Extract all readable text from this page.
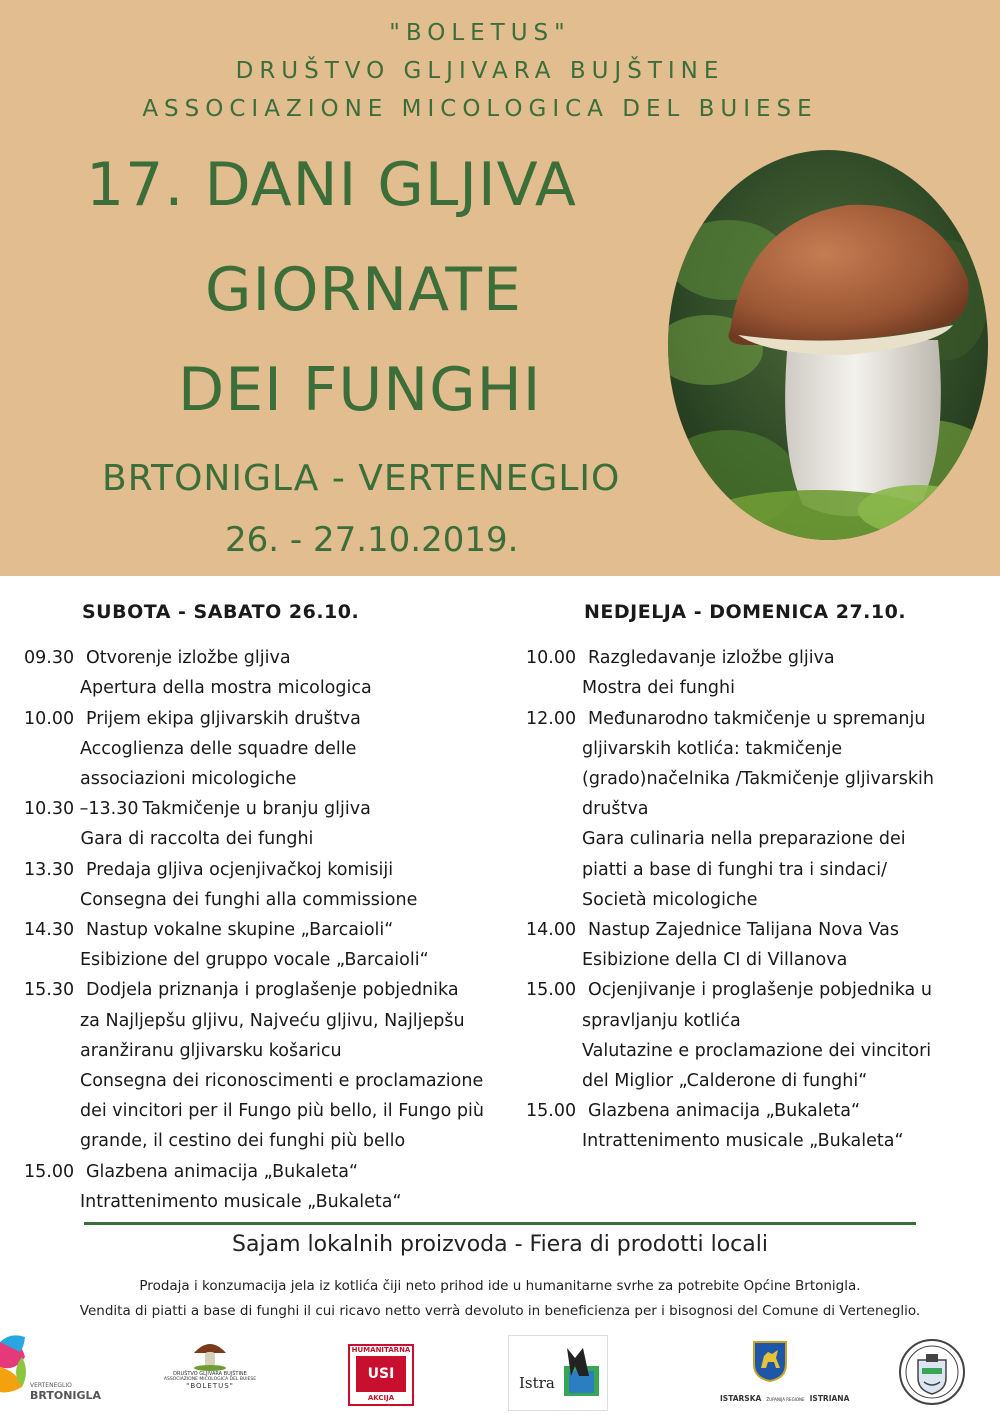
"BOLETUS"
DRUŠTVO GLJIVARA BUJŠTINE
ASSOCIAZIONE MICOLOGICA DEL BUIESE
17. DANI GLJIVA
GIORNATE
DEI FUNGHI
BRTONIGLA - VERTENEGLIO
26. - 27.10.2019.
SUBOTA - SABATO 26.10.
09.30 Otvorenje izložbe gljiva
Apertura della mostra micologica
10.00 Prijem ekipa gljivarskih društva
Accoglienza delle squadre delle
associazioni micologiche
10.30 –13.30 Takmičenje u branju gljiva
Gara di raccolta dei funghi
13.30 Predaja gljiva ocjenjivačkoj komisiji
Consegna dei funghi alla commissione
14.30 Nastup vokalne skupine „Barcaioli“
Esibizione del gruppo vocale „Barcaioli“
15.30 Dodjela priznanja i proglašenje pobjednika
za Najljepšu gljivu, Najveću gljivu, Najljepšu
aranžiranu gljivarsku košaricu
Consegna dei riconoscimenti e proclamazione
dei vincitori per il Fungo più bello, il Fungo più
grande, il cestino dei funghi più bello
15.00 Glazbena animacija „Bukaleta“
Intrattenimento musicale „Bukaleta“
NEDJELJA - DOMENICA 27.10.
10.00 Razgledavanje izložbe gljiva
Mostra dei funghi
12.00 Međunarodno takmičenje u spremanju
gljivarskih kotlića: takmičenje
(grado)načelnika /Takmičenje gljivarskih
društva
Gara culinaria nella preparazione dei
piatti a base di funghi tra i sindaci/
Società micologiche
14.00 Nastup Zajednice Talijana Nova Vas
Esibizione della CI di Villanova
15.00 Ocjenjivanje i proglašenje pobjednika u
spravljanju kotlića
Valutazine e proclamazione dei vincitori
del Miglior „Calderone di funghi“
15.00 Glazbena animacija „Bukaleta“
Intrattenimento musicale „Bukaleta“
Sajam lokalnih proizvoda - Fiera di prodotti locali
Prodaja i konzumacija jela iz kotlića čiji neto prihod ide u humanitarne svrhe za potrebite Općine Brtonigla.
Vendita di piatti a base di funghi il cui ricavo netto verrà devoluto in beneficienza per i bisognosi del Comune di Verteneglio.
VERTENEGLIO
BRTONIGLA
DRUŠTVO GLJIVARA BUJŠTINE
ASSOCIAZIONE MICOLOGICA DEL BUIESE
"BOLETUS"
HUMANITARNA
USI
AKCIJA
Istra
ISTARSKA ŽUPANIJA REGIONE ISTRIANA
